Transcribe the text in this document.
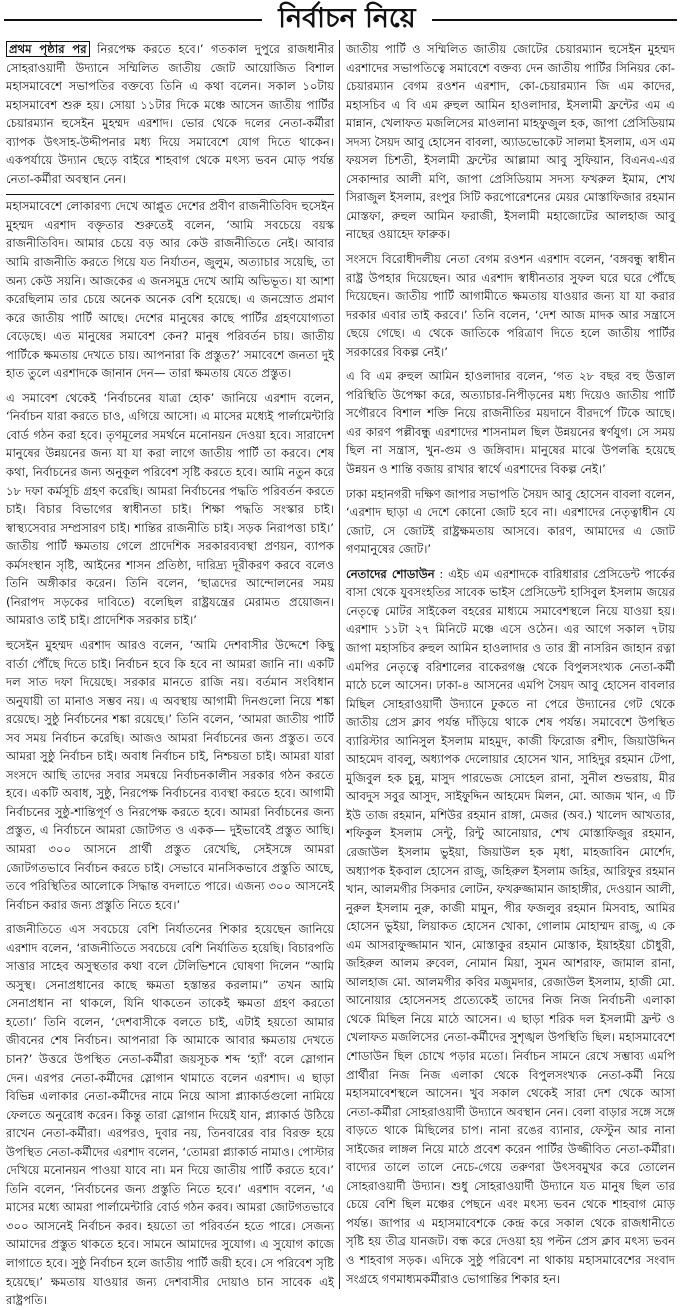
নির্বাচন নিয়ে

প্রথম পৃষ্ঠার পর নিরপেক্ষ করতে হবে।’ গতকাল দুপুরে রাজধানীর সোহরাওয়ার্দী উদ্যানে সম্মিলিত জাতীয় জোট আয়োজিত বিশাল মহাসমাবেশে সভাপতির বক্তব্যে তিনি এ কথা বলেন। সকাল ১০টায় মহাসমাবেশ শুরু হয়। সোয়া ১১টার দিকে মঞ্চে আসেন জাতীয় পার্টির চেয়ারম্যান হুসেইন মুহম্মদ এরশাদ। ভোর থেকে দলের নেতা-কর্মীরা ব্যাপক উৎসাহ-উদ্দীপনার মধ্য দিয়ে সমাবেশে যোগ দিতে থাকেন। একপর্যায়ে উদ্যান ছেড়ে বাইরে শাহবাগ থেকে মৎস্য ভবন মোড় পর্যন্ত নেতা-কর্মীরা অবস্থান নেন।

মহাসমাবেশে লোকারণ্য দেখে আপ্লুত দেশের প্রবীণ রাজনীতিবিদ হুসেইন মুহম্মদ এরশাদ বক্তৃতার শুরুতেই বলেন, ‘আমি সবচেয়ে বয়স্ক রাজনীতিবিদ। আমার চেয়ে বড় আর কেউ রাজনীতিতে নেই। আবার আমি রাজনীতি করতে গিয়ে যত নির্যাতন, জুলুম, অত্যাচার সয়েছি, তা অন্য কেউ সয়নি। আজকের এ জনসমুদ্র দেখে আমি অভিভূত। যা আশা করেছিলাম তার চেয়ে অনেক অনেক বেশি হয়েছে। এ জনস্রোত প্রমাণ করে জাতীয় পার্টি আছে। দেশের মানুষের কাছে পার্টির গ্রহণযোগ্যতা বেড়েছে। এত মানুষের সমাবেশ কেন? মানুষ পরিবর্তন চায়। জাতীয় পার্টিকে ক্ষমতায় দেখতে চায়। আপনারা কি প্রস্তুত?’ সমাবেশে জনতা দুই হাত তুলে এরশাদকে জানান দেন— তারা ক্ষমতায় যেতে প্রস্তুত।

এ সমাবেশ থেকেই ‘নির্বাচনের যাত্রা হোক’ জানিয়ে এরশাদ বলেন, ‘নির্বাচন যারা করতে চাও, এগিয়ে আসো। এ মাসের মধ্যেই পার্লামেন্টারি বোর্ড গঠন করা হবে। তৃণমূলের সমর্থনে মনোনয়ন দেওয়া হবে। সারাদেশ মানুষের উন্নয়নের জন্য যা যা করা লাগে জাতীয় পার্টি তা করবে। শেষ কথা, নির্বাচনের জন্য অনুকূল পরিবেশ সৃষ্টি করতে হবে। আমি নতুন করে ১৮ দফা কর্মসূচি গ্রহণ করেছি। আমরা নির্বাচনের পদ্ধতি পরিবর্তন করতে চাই। বিচার বিভাগের স্বাধীনতা চাই। শিক্ষা পদ্ধতি সংস্কার চাই। স্বাস্থ্যসেবার সম্প্রসারণ চাই। শান্তির রাজনীতি চাই। সড়ক নিরাপত্তা চাই।’ জাতীয় পার্টি ক্ষমতায় গেলে প্রাদেশিক সরকারব্যবস্থা প্রণয়ন, ব্যাপক কর্মসংস্থান সৃষ্টি, আইনের শাসন প্রতিষ্ঠা, দারিদ্র্য দূরীকরণ করবে বলেও তিনি অঙ্গীকার করেন। তিনি বলেন, ‘ছাত্রদের আন্দোলনের সময় (নিরাপদ সড়কের দাবিতে) বলেছিল রাষ্ট্রযন্ত্রের মেরামত প্রয়োজন। আমরাও তাই চাই। প্রাদেশিক সরকার চাই।’

হুসেইন মুহম্মদ এরশাদ আরও বলেন, ‘আমি দেশবাসীর উদ্দেশে কিছু বার্তা পৌঁছে দিতে চাই। নির্বাচন হবে কি হবে না আমরা জানি না। একটি দল সাত দফা দিয়েছে। সরকার মানতে রাজি নয়। বর্তমান সংবিধান অনুযায়ী তা মানাও সম্ভব নয়। এ অবস্থায় আগামী দিনগুলো নিয়ে শঙ্কা রয়েছে। সুষ্ঠু নির্বাচনের শঙ্কা রয়েছে।’ তিনি বলেন, ‘আমরা জাতীয় পার্টি সব সময় নির্বাচন করেছি। আজও আমরা নির্বাচনের জন্য প্রস্তুত। তবে আমরা সুষ্ঠু নির্বাচন চাই। অবাধ নির্বাচন চাই, নিশ্চয়তা চাই। আমরা যারা সংসদে আছি তাদের সবার সমন্বয়ে নির্বাচনকালীন সরকার গঠন করতে হবে। একটি অবাধ, সুষ্ঠু, নিরপেক্ষ নির্বাচনের ব্যবস্থা করতে হবে। আগামী নির্বাচনের সুষ্ঠু-শান্তিপূর্ণ ও নিরপেক্ষ করতে হবে। আমরা নির্বাচনের জন্য প্রস্তুত, এ নির্বাচনে আমরা জোটগত ও একক— দুইভাবেই প্রস্তুত আছি। আমরা ৩০০ আসনে প্রার্থী প্রস্তুত রেখেছি, সেইসঙ্গে আমরা জোটগতভাবে নির্বাচন করতে চাই। সেভাবে মানসিকভাবে প্রস্তুতি আছে, তবে পরিস্থিতির আলোকে সিদ্ধান্ত বদলাতে পারে। এজন্য ৩০০ আসনেই নির্বাচন করার জন্য প্রস্তুতি নিতে হবে।’

রাজনীতিতে এস সবচেয়ে বেশি নির্যাতনের শিকার হয়েছেন জানিয়ে এরশাদ বলেন, ‘রাজনীতিতে সবচেয়ে বেশি নির্যাতিত হয়েছি। বিচারপতি সাত্তার সাহেব অসুস্থতার কথা বলে টেলিভিশনে ঘোষণা দিলেন “আমি অসুস্থ। সেনাপ্রধানের কাছে ক্ষমতা হস্তান্তর করলাম।” তখন আমি সেনাপ্রধান না থাকলে, যিনি থাকতেন তাকেই ক্ষমতা গ্রহণ করতো হতো।’ তিনি বলেন, ‘দেশবাসীকে বলতে চাই, এটাই হয়তো আমার জীবনের শেষ নির্বাচন। আপনারা কি আমাকে আবার ক্ষমতায় দেখতে চান?’ উত্তরে উপস্থিত নেতা-কর্মীরা জয়সূচক শব্দ ‘হ্যাঁ’ বলে স্লোগান দেন। এরপর নেতা-কর্মীদের স্লোগান থামাতে বলেন এরশাদ। এ ছাড়া বিভিন্ন এলাকার নেতা-কর্মীদের নামে নিয়ে আসা প্ল্যাকার্ডগুলো নামিয়ে ফেলতে অনুরোধ করেন। কিন্তু তারা স্লোগান দিয়েই যান, প্ল্যাকার্ড উঠিয়ে রাখেন নেতা-কর্মীরা। এরপরও, দুবার নয়, তিনবারের বার বিরক্ত হয়ে উপস্থিত নেতা-কর্মীদের এরশাদ বলেন, ‘তোমরা প্ল্যাকার্ড নামাও। পোস্টার দেখিয়ে মনোনয়ন পাওয়া যাবে না। মন দিয়ে জাতীয় পার্টি করতে হবে।’ তিনি বলেন, ‘নির্বাচনের জন্য প্রস্তুতি নিতে হবে।’ এরশাদ বলেন, ‘এ মাসের মধ্যে আমরা পার্লামেন্টারি বোর্ড গঠন করব। আমরা জোটগতভাবে ৩০০ আসনেই নির্বাচন করব। হয়তো তা পরিবর্তন হতে পারে। সেজন্য আমাদের প্রস্তুত থাকতে হবে। সামনে আমাদের সুযোগ। এ সুযোগ কাজে লাগাতে হবে। সুষ্ঠু নির্বাচন হলে জাতীয় পার্টি জয়ী হবে। সে পরিবেশ সৃষ্টি হয়েছে।’ ক্ষমতায় যাওয়ার জন্য দেশবাসীর দোয়াও চান সাবেক এই রাষ্ট্রপতি।

জাতীয় পার্টি ও সম্মিলিত জাতীয় জোটের চেয়ারম্যান হুসেইন মুহম্মদ এরশাদের সভাপতিত্বে সমাবেশে বক্তব্য দেন জাতীয় পার্টির সিনিয়র কো-চেয়ারম্যান বেগম রওশন এরশাদ, কো-চেয়ারম্যান জি এম কাদের, মহাসচিব এ বি এম রুহুল আমিন হাওলাদার, ইসলামী ফ্রন্টের এম এ মান্নান, খেলাফত মজলিসের মাওলানা মাহফুজুল হক, জাপা প্রেসিডিয়াম সদস্য সৈয়দ আবু হোসেন বাবলা, অ্যাডভোকেট সালমা ইসলাম, এস এম ফয়সল চিশতী, ইসলামী ফ্রন্টের আল্লামা আবু সুফিয়ান, বিএনএ-এর সেকান্দার আলী মণি, জাপা প্রেসিডিয়াম সদস্য ফখরুল ইমাম, শেখ সিরাজুল ইসলাম, রংপুর সিটি করপোরেশনের মেয়র মোস্তাফিজার রহমান মোস্তফা, রুহুল আমিন ফরাজী, ইসলামী মহাজোটের আলহাজ আবু নাছের ওয়াহেদ ফারুক।

সংসদে বিরোধীদলীয় নেতা বেগম রওশন এরশাদ বলেন, ‘বঙ্গবন্ধু স্বাধীন রাষ্ট্র উপহার দিয়েছেন। আর এরশাদ স্বাধীনতার সুফল ঘরে ঘরে পৌঁছে দিয়েছেন। জাতীয় পার্টি আগামীতে ক্ষমতায় যাওয়ার জন্য যা যা করার দরকার এবার তাই করবে।’ তিনি বলেন, ‘দেশ আজ মাদক আর সন্ত্রাসে ছেয়ে গেছে। এ থেকে জাতিকে পরিত্রাণ দিতে হলে জাতীয় পার্টির সরকারের বিকল্প নেই।’

এ বি এম রুহুল আমিন হাওলাদার বলেন, ‘গত ২৮ বছর বহু উত্তাল পরিস্থিতি উপেক্ষা করে, অত্যাচার-নিপীড়নের মধ্য দিয়েও জাতীয় পার্টি সগৌরবে বিশাল শক্তি নিয়ে রাজনীতির ময়দানে বীরদর্পে টিকে আছে। এর কারণ পল্লীবন্ধু এরশাদের শাসনামল ছিল উন্নয়নের স্বর্ণযুগ। সে সময় ছিল না সন্ত্রাস, খুন-গুম ও জঙ্গিবাদ। মানুষের মাঝে উপলব্ধি হয়েছে উন্নয়ন ও শান্তি বজায় রাখার স্বার্থে এরশাদের বিকল্প নেই।’

ঢাকা মহানগরী দক্ষিণ জাপার সভাপতি সৈয়দ আবু হোসেন বাবলা বলেন, ‘এরশাদ ছাড়া এ দেশে কোনো জোট হবে না। এরশাদের নেতৃত্বাধীন যে জোট, সে জোটই রাষ্ট্রক্ষমতায় আসবে। কারণ, আমাদের এ জোট গণমানুষের জোট।’

নেতাদের শোডাউন : এইচ এম এরশাদকে বারিধারার প্রেসিডেন্ট পার্কের বাসা থেকে যুবসংহতির সাবেক ভাইস প্রেসিডেন্ট হাসিবুল ইসলাম জয়ের নেতৃত্বে মোটর সাইকেল বহরের মাধ্যমে সমাবেশস্থলে নিয়ে যাওয়া হয়। এরশাদ ১১টা ২৭ মিনিটে মঞ্চে এসে ওঠেন। এর আগে সকাল ৭টায় জাপা মহাসচিব রুহুল আমিন হাওলাদার ও তার স্ত্রী নাসরিন জাহান রত্না এমপির নেতৃত্বে বরিশালের বাকেরগঞ্জ থেকে বিপুলসংখ্যক নেতা-কর্মী মাঠে চলে আসেন। ঢাকা-৪ আসনের এমপি সৈয়দ আবু হোসেন বাবলার মিছিল সোহরাওয়ার্দী উদ্যানে ঢুকতে না পেরে উদ্যানের গেট থেকে জাতীয় প্রেস ক্লাব পর্যন্ত দাঁড়িয়ে থাকে শেষ পর্যন্ত। সমাবেশে উপস্থিত ব্যারিস্টার আনিসুল ইসলাম মাহমুদ, কাজী ফিরোজ রশীদ, জিয়াউদ্দিন আহমেদ বাবলু, অধ্যাপক দেলোয়ার হোসেন খান, সাহিদুর রহমান টেপা, মুজিবুল হক চুন্নু, মাসুদ পারভেজ সোহেল রানা, সুনীল শুভরায়, মীর আবদুস সবুর আসুদ, সাইফুদ্দিন আহমেদ মিলন, মো. আজম খান, এ টি ইউ তাজ রহমান, মশিউর রহমান রাঙ্গা, মেজর (অব.) খালেদ আখতার, শফিকুল ইসলাম সেন্টু, রিন্টু আনোয়ার, শেখ মোস্তাফিজুর রহমান, রেজাউল ইসলাম ভুইয়া, জিয়াউল হক মৃধা, মাহজাবিন মোর্শেদ, অধ্যাপক ইকবাল হোসেন রাজু, জহিরুল ইসলাম জহির, আরিফুর রহমান খান, আলমগীর সিকদার লোটন, ফখরুজ্জামান জাহাঙ্গীর, দেওয়ান আলী, নুরুল ইসলাম নুরু, কাজী মামুন, পীর ফজলুর রহমান মিসবাহ, আমির হোসেন ভুইয়া, লিয়াকত হোসেন খোকা, গোলাম মোহাম্মদ রাজু, এ কে এম আসরাফুজ্জামান খান, মোস্তাকুর রহমান মোস্তাক, ইয়াহইয়া চৌধুরী, জহিরুল আলম রুবেল, নোমান মিয়া, সুমন আশরাফ, জামাল রানা, আলহাজ মো. আলমগীর কবির মজুমদার, রেজাউল ইসলাম, হাজী মো. আনোয়ার হোসেনসহ প্রত্যেকেই তাদের নিজ নিজ নির্বাচনী এলাকা থেকে মিছিল নিয়ে মাঠে আসেন। এ ছাড়া শরিক দল ইসলামী ফ্রন্ট ও খেলাফত মজলিসের নেতা-কর্মীদের সুশৃঙ্খল উপস্থিতি ছিল। মহাসমাবেশে শোডাউন ছিল চোখে পড়ার মতো। নির্বাচন সামনে রেখে সম্ভাব্য এমপি প্রার্থীরা নিজ নিজ এলাকা থেকে বিপুলসংখ্যক নেতা-কর্মী নিয়ে মহাসমাবেশস্থলে আসেন। খুব সকাল থেকেই সারা দেশ থেকে আসা নেতা-কর্মীরা সোহরাওয়ার্দী উদ্যানে অবস্থান নেন। বেলা বাড়ার সঙ্গে সঙ্গে বাড়তে থাকে মিছিলের চাপ। নানা রঙের ব্যানার, ফেস্টুন আর নানা সাইজের লাঙ্গল নিয়ে মাঠে প্রবেশ করেন পার্টির উজ্জীবিত নেতা-কর্মীরা। বাদ্যের তালে তালে নেচে-গেয়ে তরুণরা উৎসবমুখর করে তোলেন সোহরাওয়ার্দী উদ্যান। শুধু সোহরাওয়ার্দী উদ্যানে যত মানুষ ছিল তার চেয়ে বেশি ছিল মঞ্চের পেছনে এবং মৎস্য ভবন থেকে শাহবাগ মোড় পর্যন্ত। জাপার এ মহাসমাবেশকে কেন্দ্র করে সকাল থেকে রাজধানীতে সৃষ্টি হয় তীব্র যানজট। বন্ধ করে দেওয়া হয় পল্টন প্রেস ক্লাব মৎস্য ভবন ও শাহবাগ সড়ক। এদিকে সুষ্ঠু পরিবেশ না থাকায় মহাসমাবেশের সংবাদ সংগ্রহে গণমাধ্যমকর্মীরাও ভোগান্তির শিকার হন।
